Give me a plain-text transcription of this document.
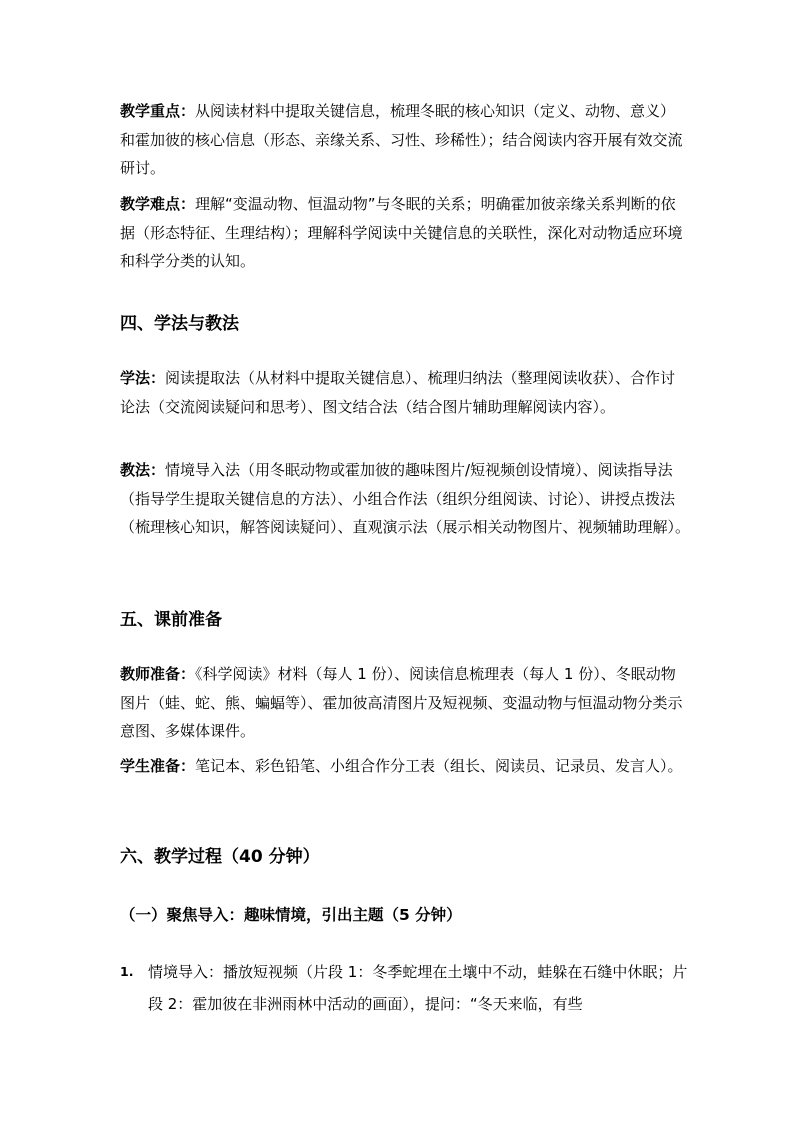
教学重点：从阅读材料中提取关键信息，梳理冬眠的核心知识（定义、动物、意义）和霍加彼的核心信息（形态、亲缘关系、习性、珍稀性）；结合阅读内容开展有效交流研讨。

教学难点：理解“变温动物、恒温动物”与冬眠的关系；明确霍加彼亲缘关系判断的依据（形态特征、生理结构）；理解科学阅读中关键信息的关联性，深化对动物适应环境和科学分类的认知。

四、学法与教法

学法：阅读提取法（从材料中提取关键信息）、梳理归纳法（整理阅读收获）、合作讨论法（交流阅读疑问和思考）、图文结合法（结合图片辅助理解阅读内容）。

教法：情境导入法（用冬眠动物或霍加彼的趣味图片/短视频创设情境）、阅读指导法（指导学生提取关键信息的方法）、小组合作法（组织分组阅读、讨论）、讲授点拨法（梳理核心知识，解答阅读疑问）、直观演示法（展示相关动物图片、视频辅助理解）。

五、课前准备

教师准备：《科学阅读》材料（每人 1 份）、阅读信息梳理表（每人 1 份）、冬眠动物图片（蛙、蛇、熊、蝙蝠等）、霍加彼高清图片及短视频、变温动物与恒温动物分类示意图、多媒体课件。

学生准备：笔记本、彩色铅笔、小组合作分工表（组长、阅读员、记录员、发言人）。

六、教学过程（40 分钟）
（一）聚焦导入：趣味情境，引出主题（5 分钟）
1. 情境导入：播放短视频（片段 1：冬季蛇埋在土壤中不动，蛙躲在石缝中休眠；片段 2：霍加彼在非洲雨林中活动的画面），提问：“冬天来临，有些
